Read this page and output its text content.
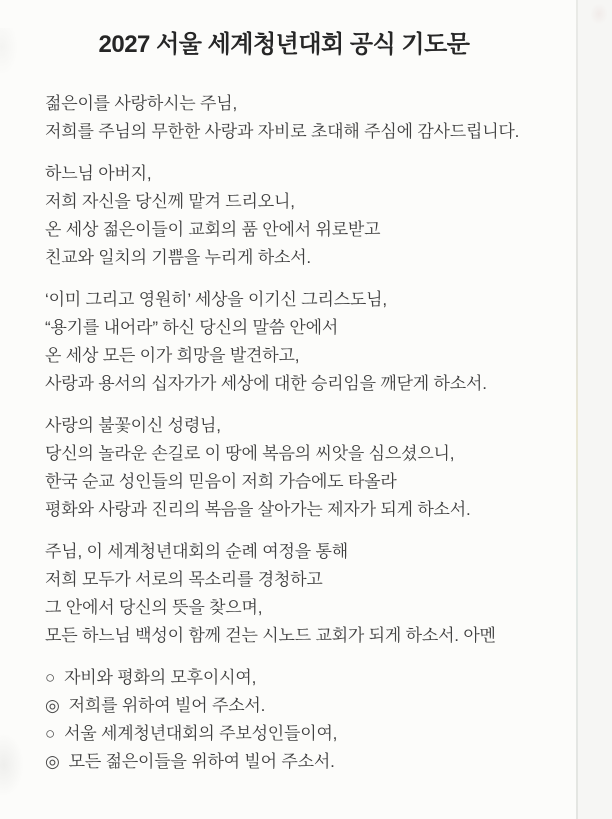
2027 서울 세계청년대회 공식 기도문
젊은이를 사랑하시는 주님,
저희를 주님의 무한한 사랑과 자비로 초대해 주심에 감사드립니다.
하느님 아버지,
저희 자신을 당신께 맡겨 드리오니,
온 세상 젊은이들이 교회의 품 안에서 위로받고
친교와 일치의 기쁨을 누리게 하소서.
‘이미 그리고 영원히’ 세상을 이기신 그리스도님,
“용기를 내어라” 하신 당신의 말씀 안에서
온 세상 모든 이가 희망을 발견하고,
사랑과 용서의 십자가가 세상에 대한 승리임을 깨닫게 하소서.
사랑의 불꽃이신 성령님,
당신의 놀라운 손길로 이 땅에 복음의 씨앗을 심으셨으니,
한국 순교 성인들의 믿음이 저희 가슴에도 타올라
평화와 사랑과 진리의 복음을 살아가는 제자가 되게 하소서.
주님, 이 세계청년대회의 순례 여정을 통해
저희 모두가 서로의 목소리를 경청하고
그 안에서 당신의 뜻을 찾으며,
모든 하느님 백성이 함께 걷는 시노드 교회가 되게 하소서. 아멘
○ 자비와 평화의 모후이시여,
◎ 저희를 위하여 빌어 주소서.
○ 서울 세계청년대회의 주보성인들이여,
◎ 모든 젊은이들을 위하여 빌어 주소서.
